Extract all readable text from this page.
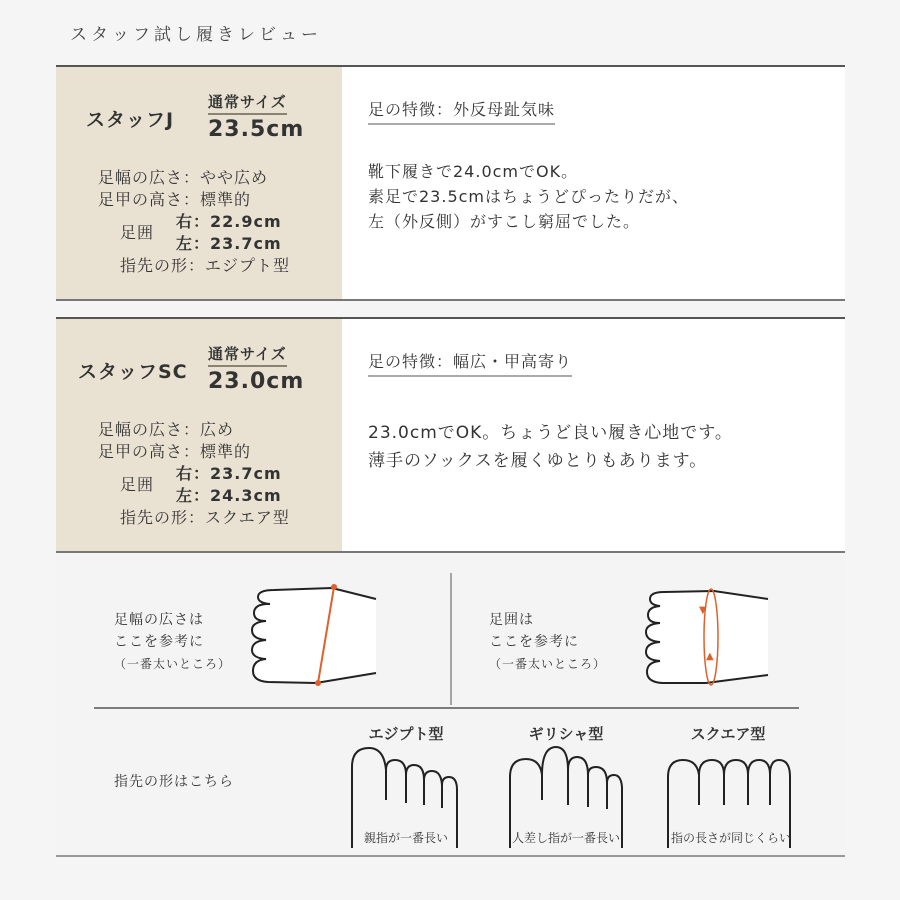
スタッフ試し履きレビュー
スタッフJ
通常サイズ
23.5cm
足幅の広さ：やや広め
足甲の高さ：標準的
足囲
右：22.9cm
左：23.7cm
指先の形：エジプト型
足の特徴：外反母趾気味
靴下履きで24.0cmでOK。
素足で23.5cmはちょうどぴったりだが、
左（外反側）がすこし窮屈でした。
スタッフSC
通常サイズ
23.0cm
足幅の広さ：広め
足甲の高さ：標準的
足囲
右：23.7cm
左：24.3cm
指先の形：スクエア型
足の特徴：幅広・甲高寄り
23.0cmでOK。ちょうど良い履き心地です。
薄手のソックスを履くゆとりもあります。
足幅の広さは
ここを参考に
（一番太いところ）
足囲は
ここを参考に
（一番太いところ）
▼
▲
指先の形はこちら
エジプト型	ギリシャ型	スクエア型
親指が一番長い	人差し指が一番長い	指の長さが同じくらい
